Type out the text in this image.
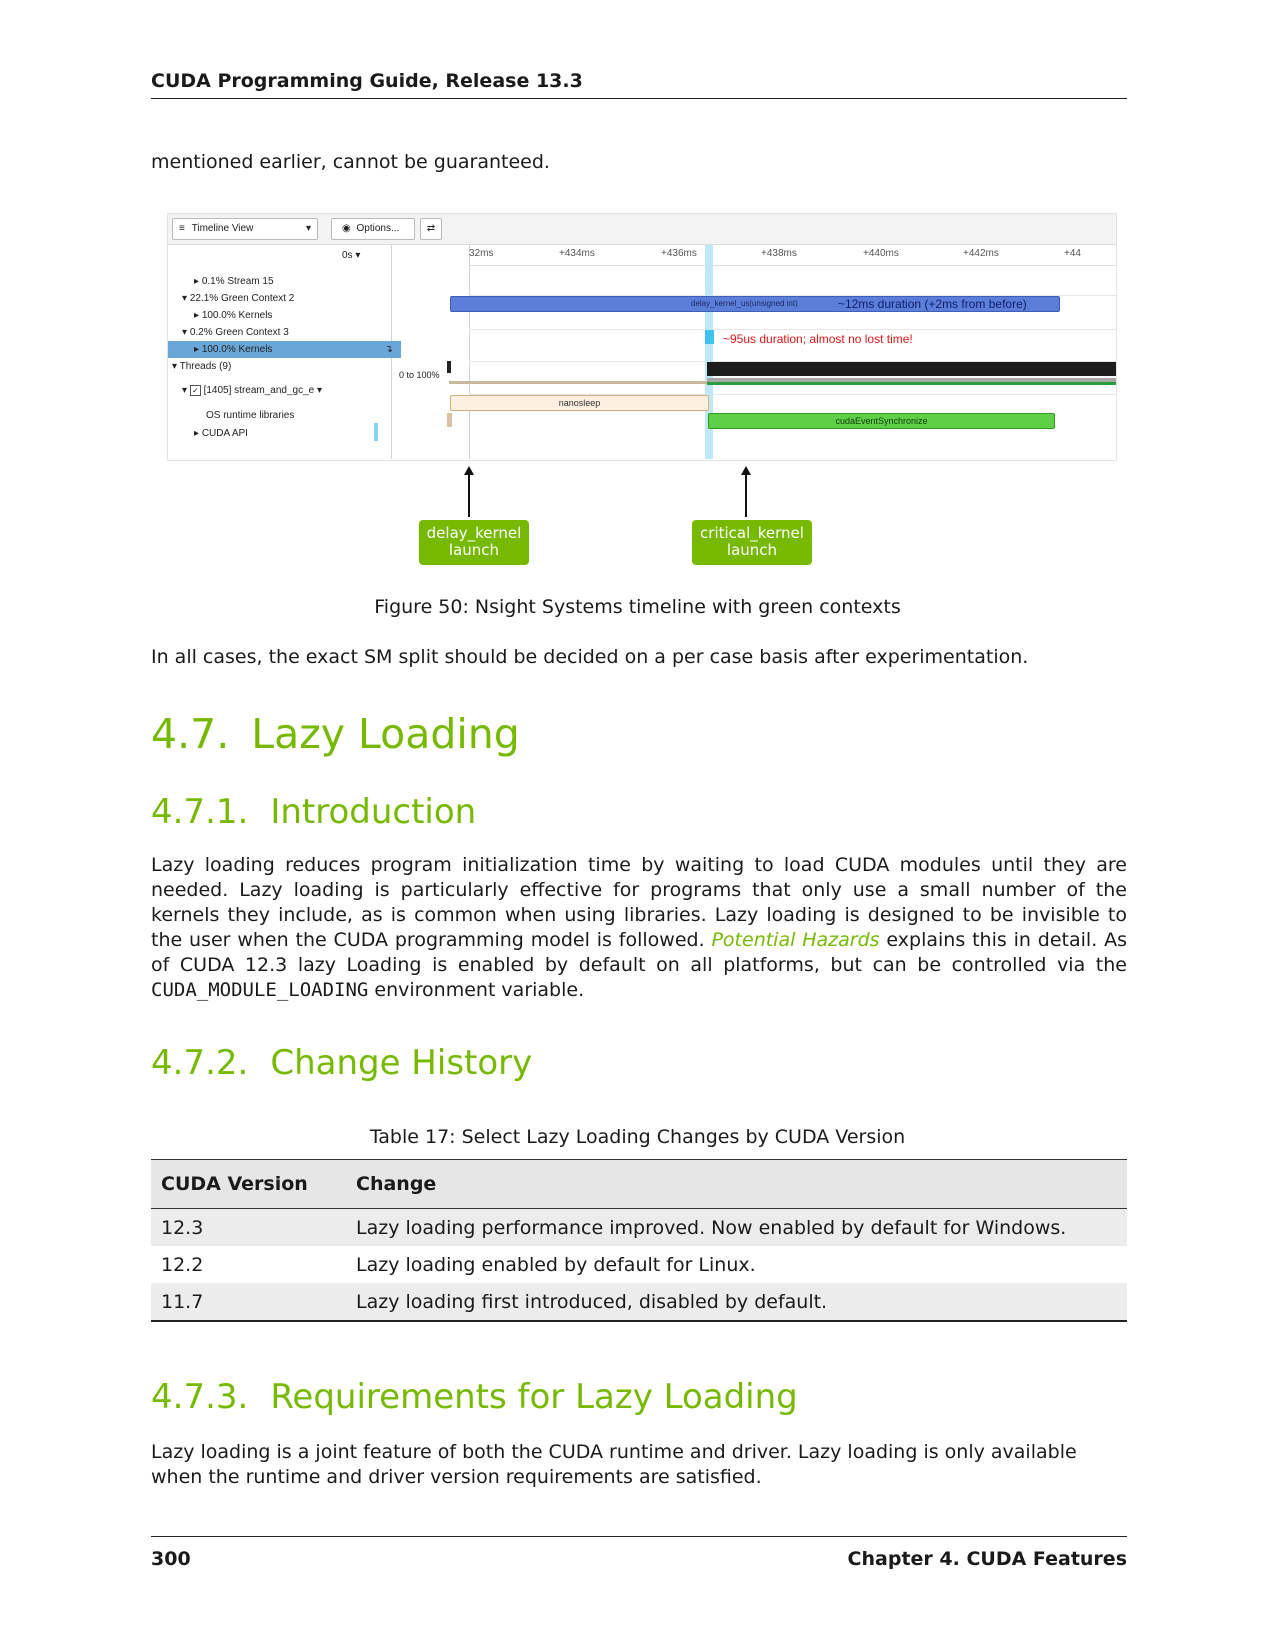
CUDA Programming Guide, Release 13.3
mentioned earlier, cannot be guaranteed.
≡ Timeline View	▾	◉ Options...	⇄
0s ▾
▸ 0.1% Stream 15
▾ 22.1% Green Context 2
▸ 100.0% Kernels
▾ 0.2% Green Context 3
▸ 100.0% Kernels	↴
▾ Threads (9)
▾ ✓ [1405] stream_and_gc_e ▾
OS runtime libraries
▸ CUDA API
0 to 100%
32ms	+434ms	+436ms	+438ms	+440ms	+442ms	+44
delay_kernel_us(unsigned int)	~12ms duration (+2ms from before)
~95us duration; almost no lost time!
nanosleep
cudaEventSynchronize
delay_kernel
launch
critical_kernel
launch
Figure 50: Nsight Systems timeline with green contexts
In all cases, the exact SM split should be decided on a per case basis after experimentation.
4.7. Lazy Loading
4.7.1. Introduction
Lazy loading reduces program initialization time by waiting to load CUDA modules until they are needed. Lazy loading is particularly effective for programs that only use a small number of the kernels they include, as is common when using libraries. Lazy loading is designed to be invisible to the user when the CUDA programming model is followed. Potential Hazards explains this in detail. As of CUDA 12.3 lazy Loading is enabled by default on all platforms, but can be controlled via the CUDA_MODULE_LOADING environment variable.
4.7.2. Change History
Table 17: Select Lazy Loading Changes by CUDA Version
CUDA Version	Change
12.3	Lazy loading performance improved. Now enabled by default for Windows.
12.2	Lazy loading enabled by default for Linux.
11.7	Lazy loading first introduced, disabled by default.
4.7.3. Requirements for Lazy Loading
Lazy loading is a joint feature of both the CUDA runtime and driver. Lazy loading is only available when the runtime and driver version requirements are satisfied.
300	Chapter 4. CUDA Features
